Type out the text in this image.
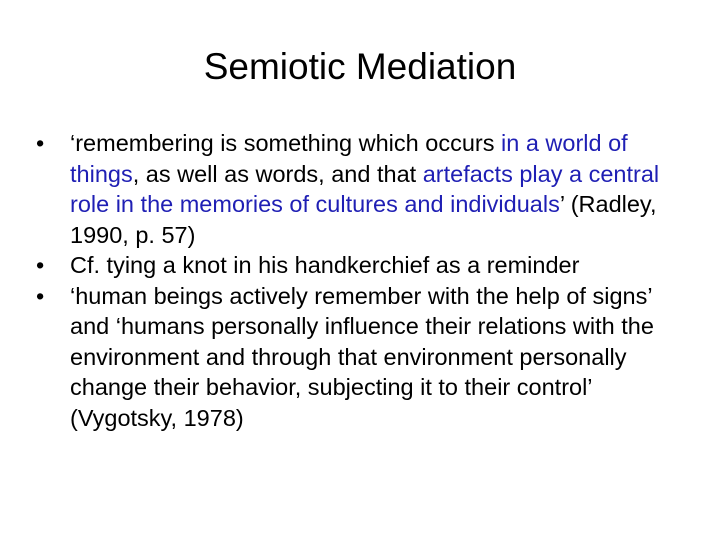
Semiotic Mediation
•	‘remembering is something which occurs in a world of things, as well as words, and that artefacts play a central role in the memories of cultures and individuals’ (Radley, 1990, p. 57)
•	Cf. tying a knot in his handkerchief as a reminder
•	‘human beings actively remember with the help of signs’ and ‘humans personally influence their relations with the environment and through that environment personally change their behavior, subjecting it to their control’ (Vygotsky, 1978)
